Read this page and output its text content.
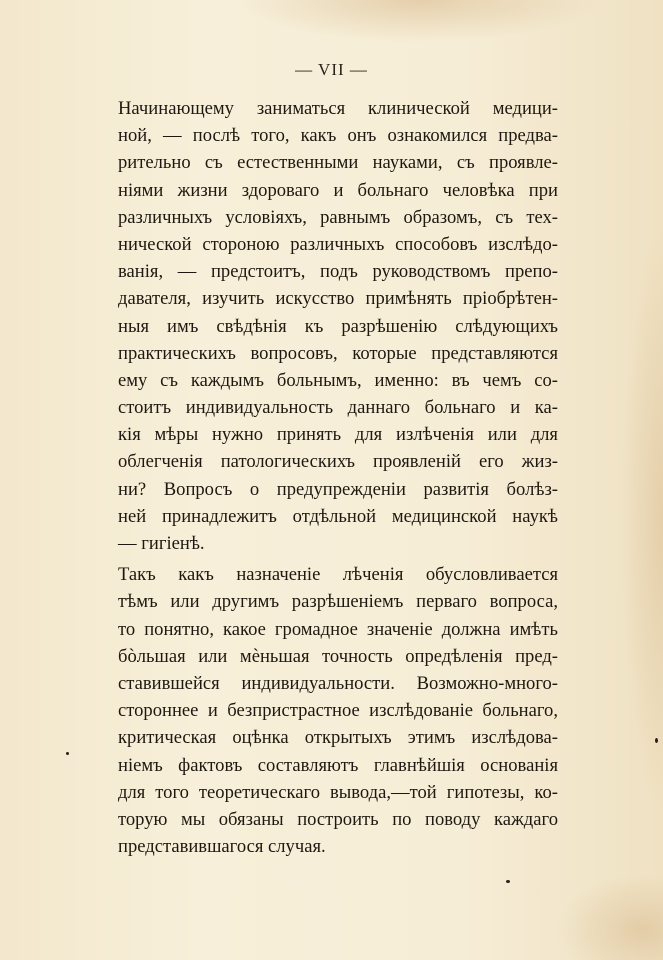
— VII —
Начинающему заниматься клинической медици-
ной, — послѣ того, какъ онъ ознакомился предва-
рительно съ естественными науками, съ проявле-
ніями жизни здороваго и больнаго человѣка при
различныхъ условіяхъ, равнымъ образомъ, съ тех-
нической стороною различныхъ способовъ изслѣдо-
ванія, — предстоитъ, подъ руководствомъ препо-
давателя, изучить искусство примѣнять пріобрѣтен-
ныя имъ свѣдѣнія къ разрѣшенію слѣдующихъ
практическихъ вопросовъ, которые представляются
ему съ каждымъ больнымъ, именно: въ чемъ со-
стоитъ индивидуальность даннаго больнаго и ка-
кія мѣры нужно принять для излѣченія или для
облегченія патологическихъ проявленій его жиз-
ни? Вопросъ о предупрежденіи развитія болѣз-
ней принадлежитъ отдѣльной медицинской наукѣ
— гигіенѣ.
Такъ какъ назначеніе лѣченія обусловливается
тѣмъ или другимъ разрѣшеніемъ перваго вопроса,
то понятно, какое громадное значеніе должна имѣть
бòльшая или мѐньшая точность опредѣленія пред-
ставившейся индивидуальности. Возможно-много-
стороннее и безпристрастное изслѣдованіе больнаго,
критическая оцѣнка открытыхъ этимъ изслѣдова-
ніемъ фактовъ составляютъ главнѣйшія основанія
для того теоретическаго вывода,—той гипотезы, ко-
торую мы обязаны построить по поводу каждаго
представившагося случая.
